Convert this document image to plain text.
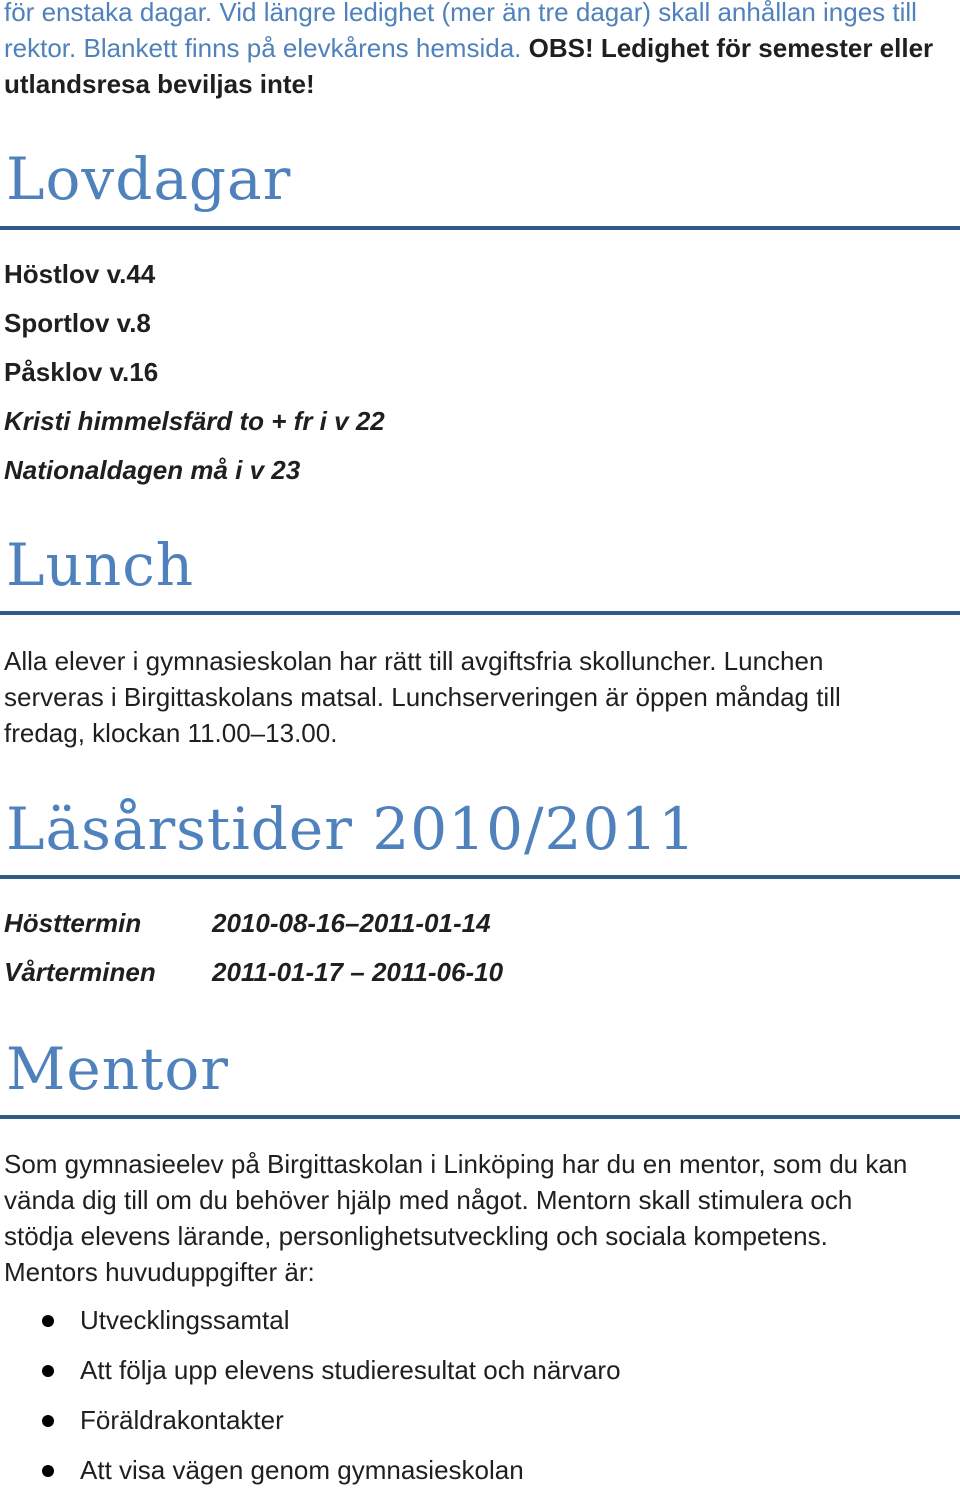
för enstaka dagar. Vid längre ledighet (mer än tre dagar) skall anhållan inges till
rektor. Blankett finns på elevkårens hemsida. OBS! Ledighet för semester eller
utlandsresa beviljas inte!
Lovdagar
Höstlov v.44
Sportlov v.8
Påsklov v.16
Kristi himmelsfärd to + fr i v 22
Nationaldagen må i v 23
Lunch
Alla elever i gymnasieskolan har rätt till avgiftsfria skolluncher. Lunchen
serveras i Birgittaskolans matsal. Lunchserveringen är öppen måndag till
fredag, klockan 11.00–13.00.
Läsårstider 2010/2011
Hösttermin	2010-08-16–2011-01-14
Vårterminen 2011-01-17 – 2011-06-10
Mentor
Som gymnasieelev på Birgittaskolan i Linköping har du en mentor, som du kan
vända dig till om du behöver hjälp med något. Mentorn skall stimulera och
stödja elevens lärande, personlighetsutveckling och sociala kompetens.
Mentors huvuduppgifter är:
Utvecklingssamtal
Att följa upp elevens studieresultat och närvaro
Föräldrakontakter
Att visa vägen genom gymnasieskolan
